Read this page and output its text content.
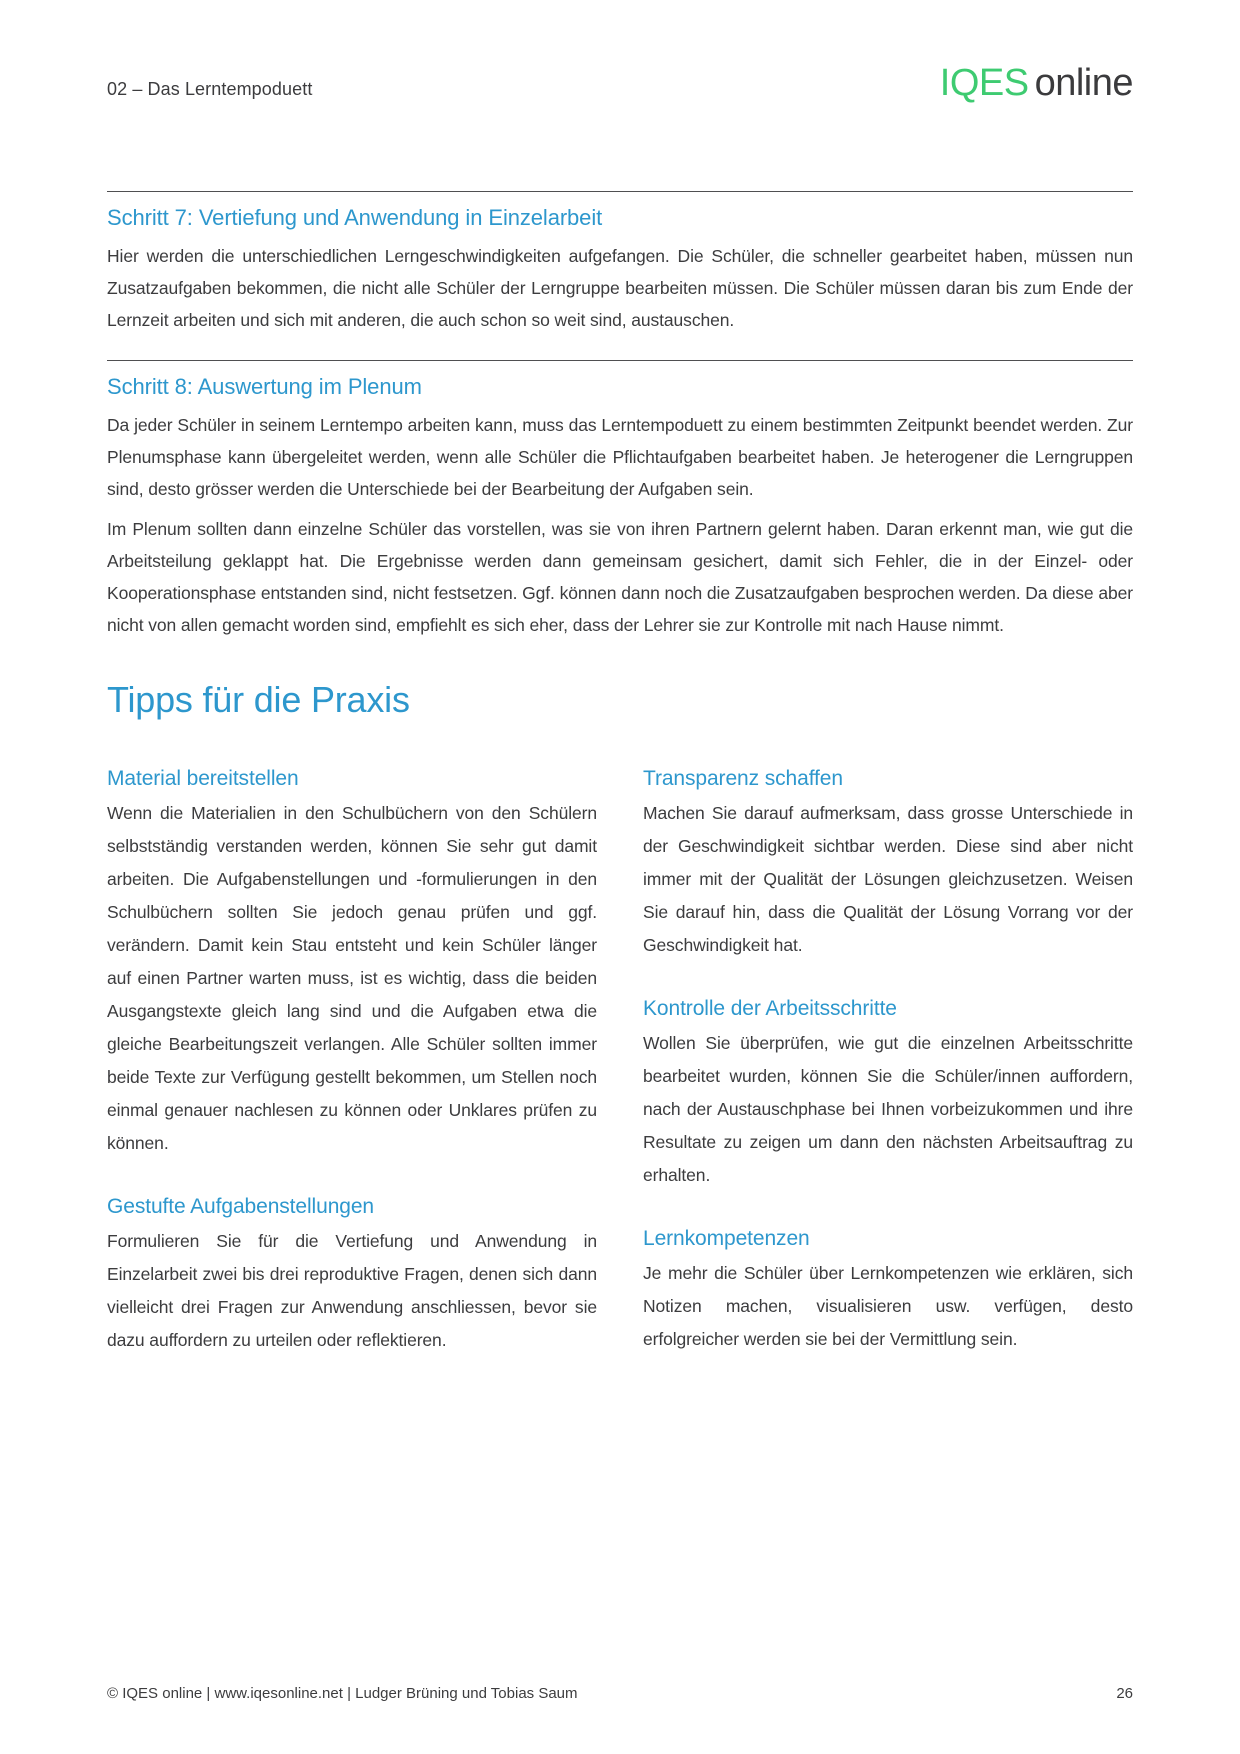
02 – Das Lerntempoduett	IQES online
Schritt 7: Vertiefung und Anwendung in Einzelarbeit

Hier werden die unterschiedlichen Lerngeschwindigkeiten aufgefangen. Die Schüler, die schneller gearbeitet haben, müssen nun Zusatzaufgaben bekommen, die nicht alle Schüler der Lerngruppe bearbeiten müssen. Die Schüler müssen daran bis zum Ende der Lernzeit arbeiten und sich mit anderen, die auch schon so weit sind, austauschen.

Schritt 8: Auswertung im Plenum

Da jeder Schüler in seinem Lerntempo arbeiten kann, muss das Lerntempoduett zu einem bestimmten Zeitpunkt beendet werden. Zur Plenumsphase kann übergeleitet werden, wenn alle Schüler die Pflichtaufgaben bearbeitet haben. Je heterogener die Lerngruppen sind, desto grösser werden die Unterschiede bei der Bearbeitung der Aufgaben sein.

Im Plenum sollten dann einzelne Schüler das vorstellen, was sie von ihren Partnern gelernt haben. Daran erkennt man, wie gut die Arbeitsteilung geklappt hat. Die Ergebnisse werden dann gemeinsam gesichert, damit sich Fehler, die in der Einzel- oder Kooperationsphase entstanden sind, nicht festsetzen. Ggf. können dann noch die Zusatzaufgaben besprochen werden. Da diese aber nicht von allen gemacht worden sind, empfiehlt es sich eher, dass der Lehrer sie zur Kontrolle mit nach Hause nimmt.

Tipps für die Praxis
Material bereitstellen

Wenn die Materialien in den Schulbüchern von den Schülern selbstständig verstanden werden, können Sie sehr gut damit arbeiten. Die Aufgabenstellungen und -formulierungen in den Schulbüchern sollten Sie jedoch genau prüfen und ggf. verändern. Damit kein Stau entsteht und kein Schüler länger auf einen Partner warten muss, ist es wichtig, dass die beiden Ausgangstexte gleich lang sind und die Aufgaben etwa die gleiche Bearbeitungszeit verlangen. Alle Schüler sollten immer beide Texte zur Verfügung gestellt bekommen, um Stellen noch einmal genauer nachlesen zu können oder Unklares prüfen zu können.

Gestufte Aufgabenstellungen

Formulieren Sie für die Vertiefung und Anwendung in Einzelarbeit zwei bis drei reproduktive Fragen, denen sich dann vielleicht drei Fragen zur Anwendung anschliessen, bevor sie dazu auffordern zu urteilen oder reflektieren.

Transparenz schaffen

Machen Sie darauf aufmerksam, dass grosse Unterschiede in der Geschwindigkeit sichtbar werden. Diese sind aber nicht immer mit der Qualität der Lösungen gleichzusetzen. Weisen Sie darauf hin, dass die Qualität der Lösung Vorrang vor der Geschwindigkeit hat.

Kontrolle der Arbeitsschritte

Wollen Sie überprüfen, wie gut die einzelnen Arbeitsschritte bearbeitet wurden, können Sie die Schüler/innen auffordern, nach der Austauschphase bei Ihnen vorbeizukommen und ihre Resultate zu zeigen um dann den nächsten Arbeitsauftrag zu erhalten.

Lernkompetenzen

Je mehr die Schüler über Lernkompetenzen wie erklären, sich Notizen machen, visualisieren usw. verfügen, desto erfolgreicher werden sie bei der Vermittlung sein.

© IQES online | www.iqesonline.net | Ludger Brüning und Tobias Saum	26
